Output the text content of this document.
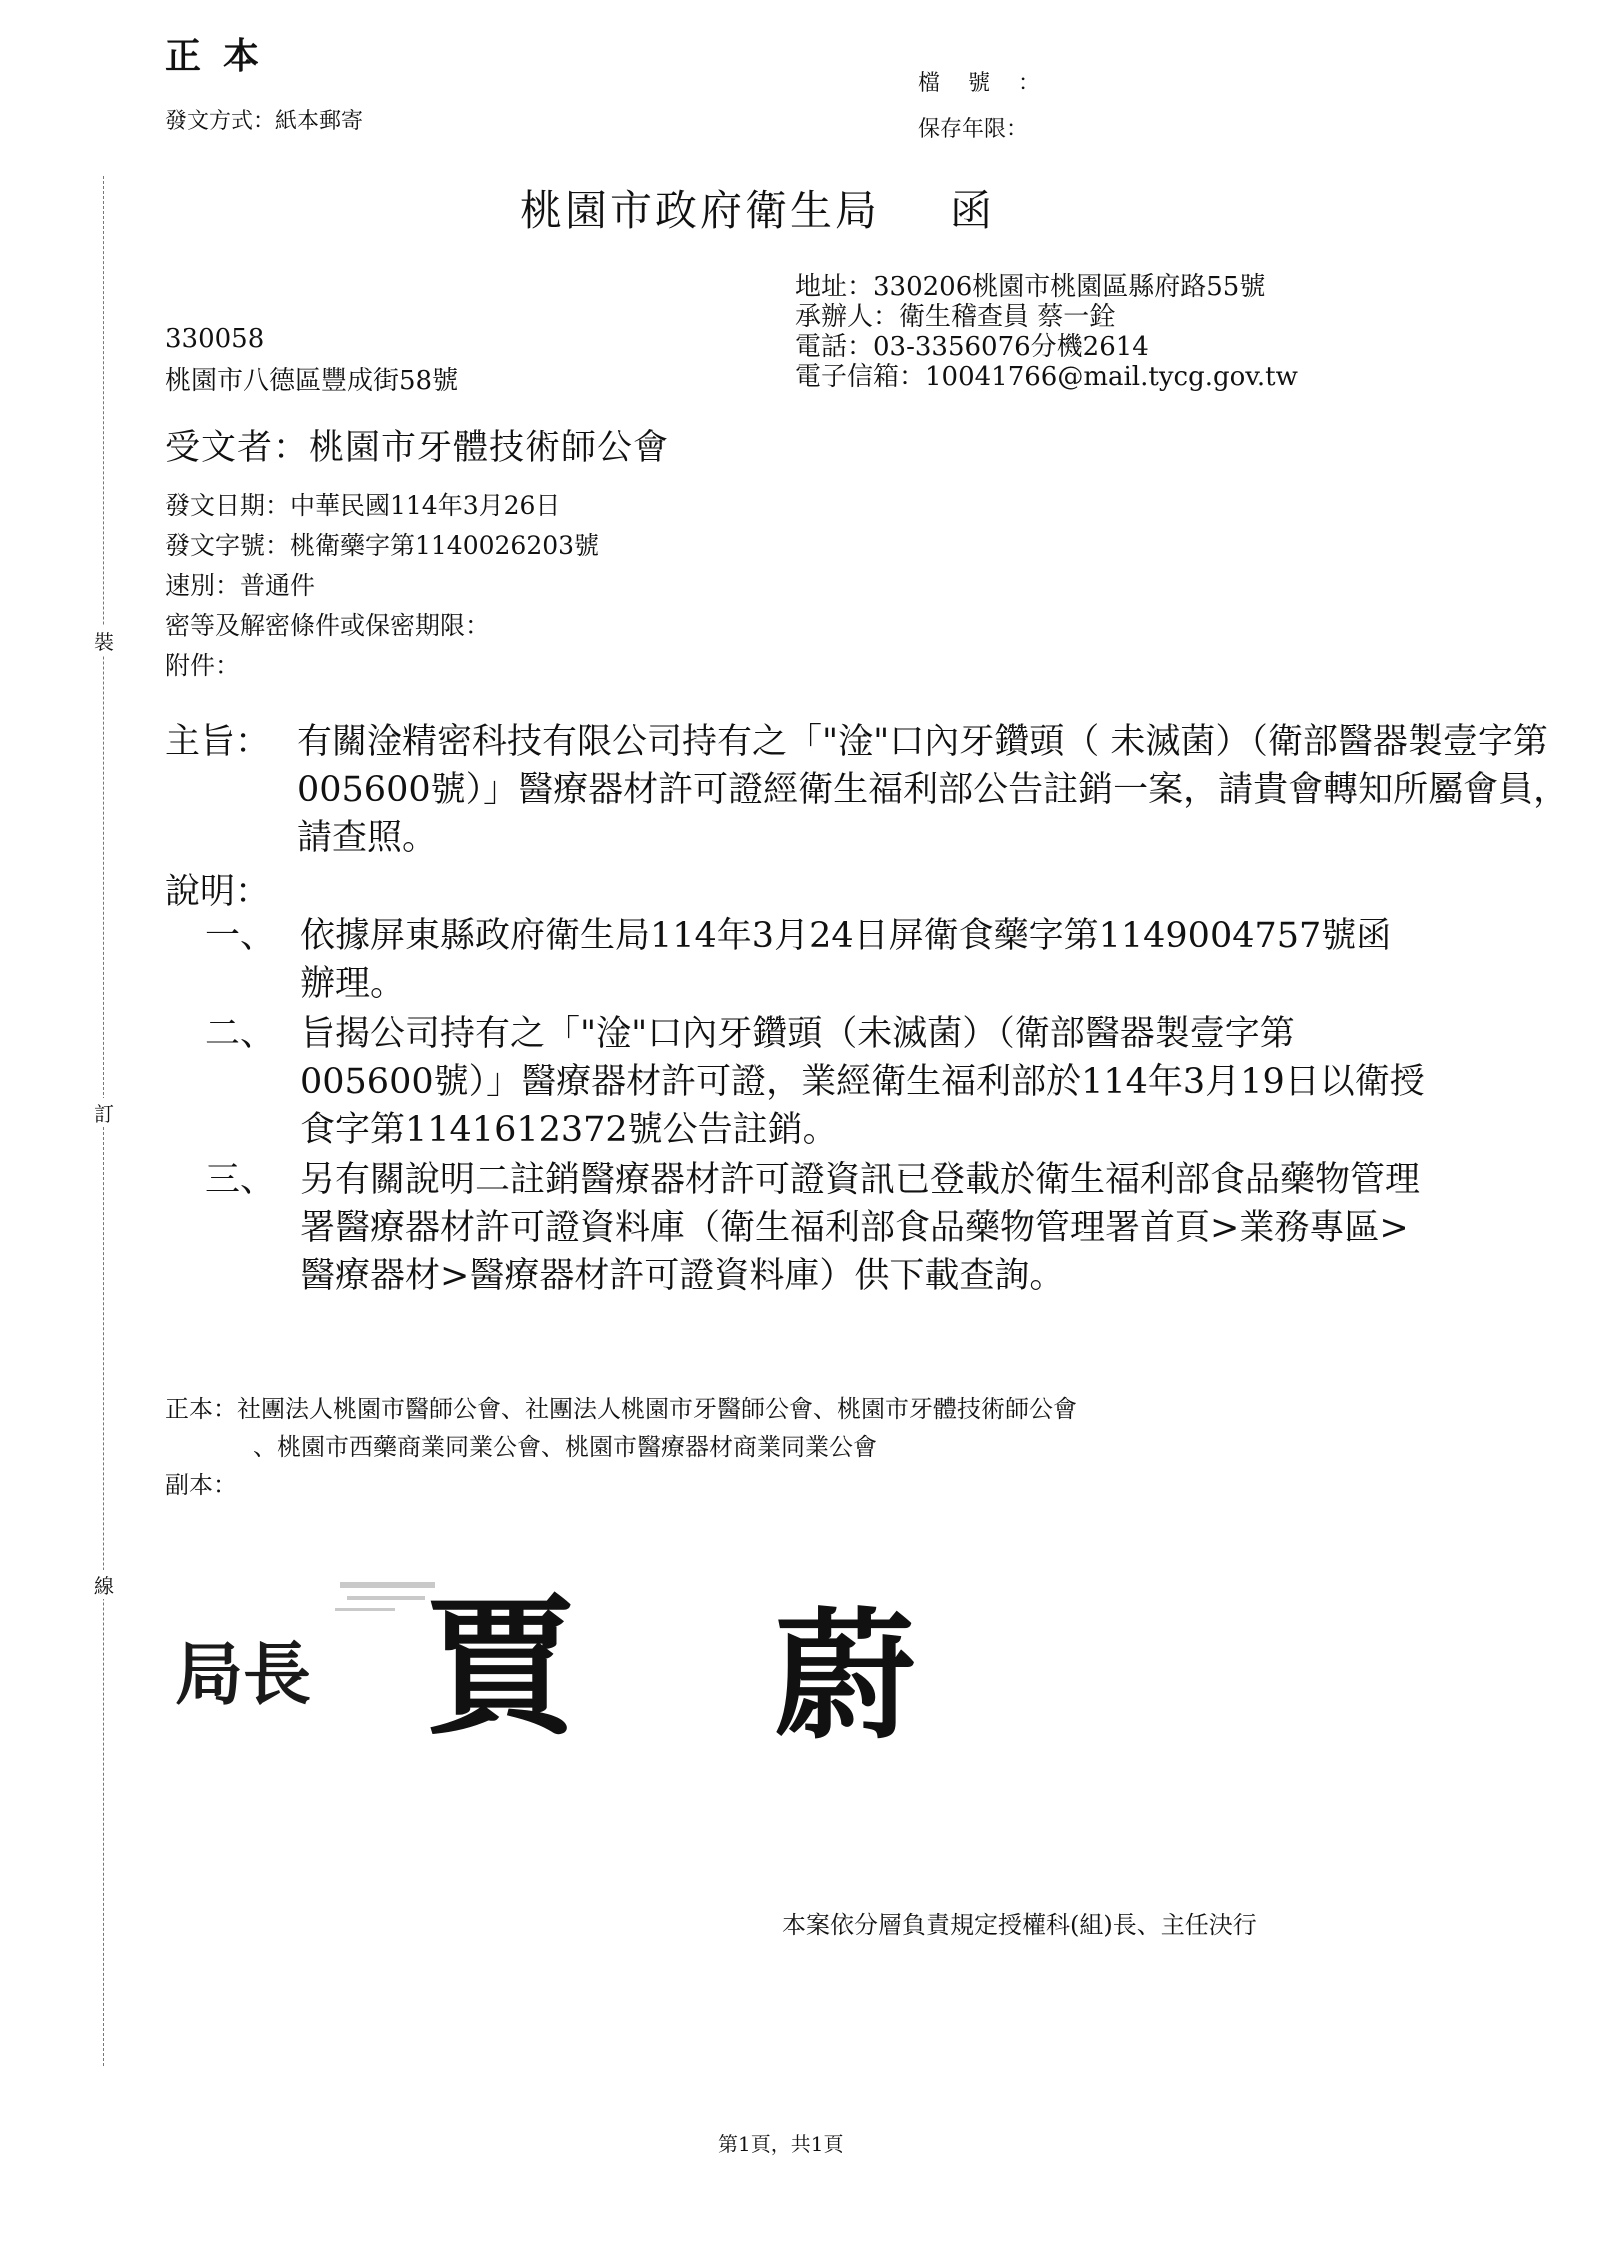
正本
發文方式：紙本郵寄
檔號：
保存年限：
桃園市政府衛生局 函
地址：330206桃園市桃園區縣府路55號
承辦人：衛生稽查員 蔡一銓
電話：03-3356076分機2614
電子信箱：10041766@mail.tycg.gov.tw
330058
桃園市八德區豐成街58號
受文者：桃園市牙體技術師公會
發文日期：中華民國114年3月26日
發文字號：桃衛藥字第1140026203號
速別：普通件
密等及解密條件或保密期限：
附件：
主旨： 有關淦精密科技有限公司持有之「"淦"口內牙鑽頭（ 未滅菌）（衛部醫器製壹字第005600號）」醫療器材許可證經衛生福利部公告註銷一案，請貴會轉知所屬會員，請查照。
說明：
一、 依據屏東縣政府衛生局114年3月24日屏衛食藥字第1149004757號函辦理。
二、 旨揭公司持有之「"淦"口內牙鑽頭（未滅菌）（衛部醫器製壹字第005600號）」醫療器材許可證，業經衛生福利部於114年3月19日以衛授食字第1141612372號公告註銷。
三、 另有關說明二註銷醫療器材許可證資訊已登載於衛生福利部食品藥物管理署醫療器材許可證資料庫（衛生福利部食品藥物管理署首頁>業務專區>醫療器材>醫療器材許可證資料庫）供下載查詢。
正本：社團法人桃園市醫師公會、社團法人桃園市牙醫師公會、桃園市牙體技術師公會
、桃園市西藥商業同業公會、桃園市醫療器材商業同業公會
副本：
裝
訂
線
局長 賈 蔚
本案依分層負責規定授權科(組)長、主任決行
第1頁，共1頁
